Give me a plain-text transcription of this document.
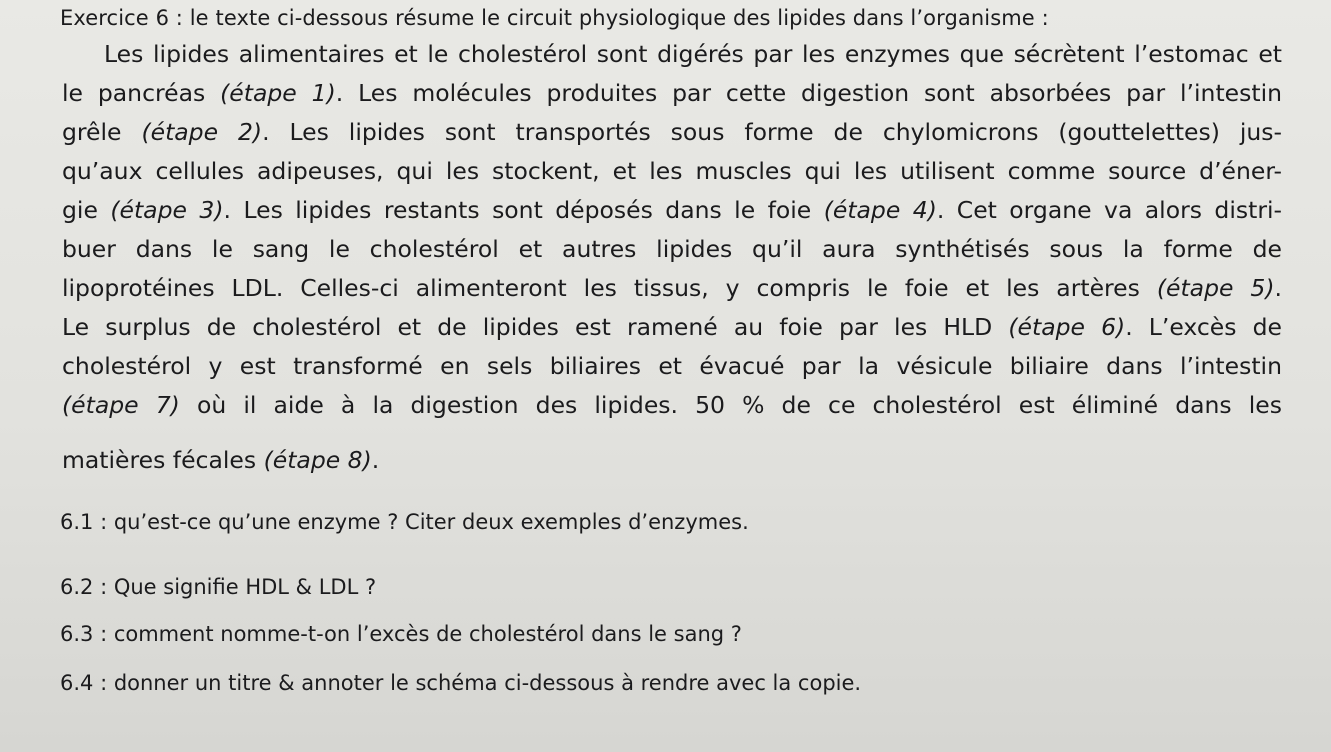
Exercice 6 : le texte ci-dessous résume le circuit physiologique des lipides dans l’organisme :
Les lipides alimentaires et le cholestérol sont digérés par les enzymes que sécrètent l’estomac et
le pancréas (étape 1). Les molécules produites par cette digestion sont absorbées par l’intestin
grêle (étape 2). Les lipides sont transportés sous forme de chylomicrons (gouttelettes) jus-
qu’aux cellules adipeuses, qui les stockent, et les muscles qui les utilisent comme source d’éner-
gie (étape 3). Les lipides restants sont déposés dans le foie (étape 4). Cet organe va alors distri-
buer dans le sang le cholestérol et autres lipides qu’il aura synthétisés sous la forme de
lipoprotéines LDL. Celles-ci alimenteront les tissus, y compris le foie et les artères (étape 5).
Le surplus de cholestérol et de lipides est ramené au foie par les HLD (étape 6). L’excès de
cholestérol y est transformé en sels biliaires et évacué par la vésicule biliaire dans l’intestin
(étape 7) où il aide à la digestion des lipides. 50 % de ce cholestérol est éliminé dans les
matières fécales (étape 8).
6.1 : qu’est-ce qu’une enzyme ? Citer deux exemples d’enzymes.
6.2 : Que signifie HDL & LDL ?
6.3 : comment nomme-t-on l’excès de cholestérol dans le sang ?
6.4 : donner un titre & annoter le schéma ci-dessous à rendre avec la copie.
